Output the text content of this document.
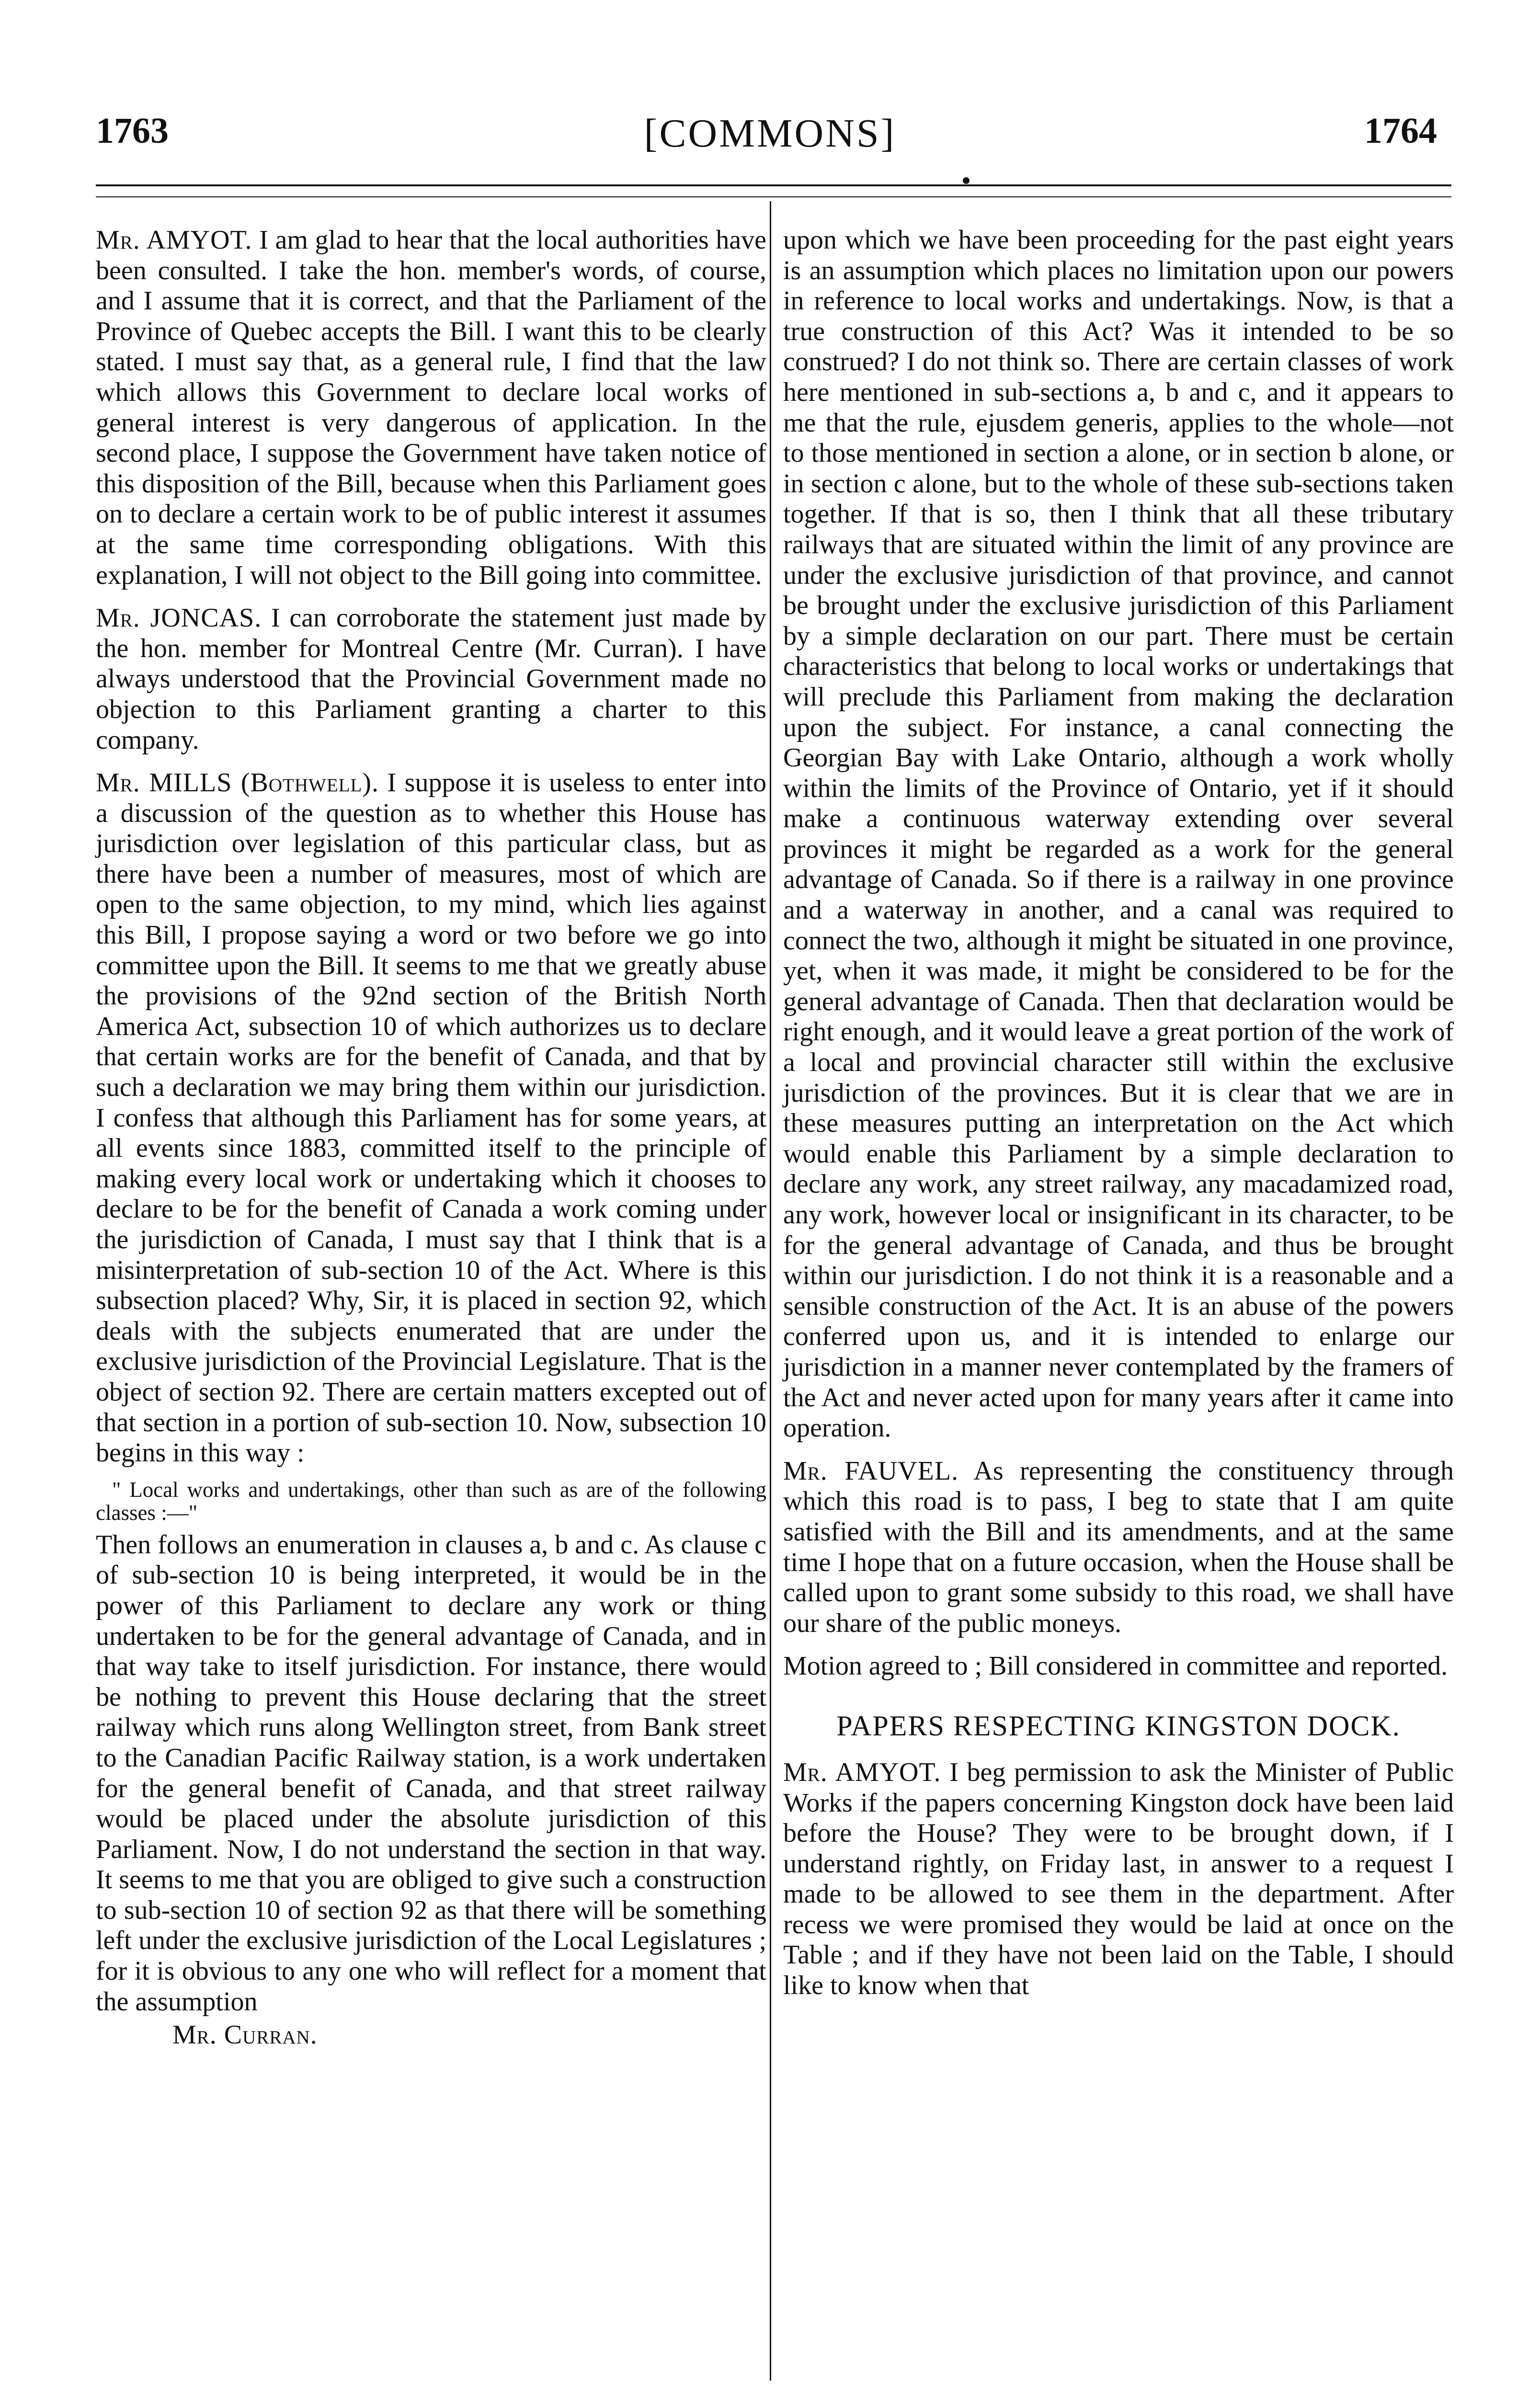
1763	[COMMONS]	1764

Mr. AMYOT. I am glad to hear that the local authorities have been consulted. I take the hon. member's words, of course, and I assume that it is correct, and that the Parliament of the Province of Quebec accepts the Bill. I want this to be clearly stated. I must say that, as a general rule, I find that the law which allows this Government to declare local works of general interest is very dangerous of application. In the second place, I suppose the Government have taken notice of this disposition of the Bill, because when this Parliament goes on to declare a certain work to be of public interest it assumes at the same time corresponding obligations. With this explanation, I will not object to the Bill going into committee.

Mr. JONCAS. I can corroborate the statement just made by the hon. member for Montreal Centre (Mr. Curran). I have always understood that the Provincial Government made no objection to this Parliament granting a charter to this company.

Mr. MILLS (Bothwell). I suppose it is useless to enter into a discussion of the question as to whether this House has jurisdiction over legislation of this particular class, but as there have been a number of measures, most of which are open to the same objection, to my mind, which lies against this Bill, I propose saying a word or two before we go into committee upon the Bill. It seems to me that we greatly abuse the provisions of the 92nd section of the British North America Act, subsection 10 of which authorizes us to declare that certain works are for the benefit of Canada, and that by such a declaration we may bring them within our jurisdiction. I confess that although this Parliament has for some years, at all events since 1883, committed itself to the principle of making every local work or undertaking which it chooses to declare to be for the benefit of Canada a work coming under the jurisdiction of Canada, I must say that I think that is a misinterpretation of sub-section 10 of the Act. Where is this subsection placed? Why, Sir, it is placed in section 92, which deals with the subjects enumerated that are under the exclusive jurisdiction of the Provincial Legislature. That is the object of section 92. There are certain matters excepted out of that section in a portion of sub-section 10. Now, subsection 10 begins in this way :

" Local works and undertakings, other than such as are of the following classes :—"

Then follows an enumeration in clauses a, b and c. As clause c of sub-section 10 is being interpreted, it would be in the power of this Parliament to declare any work or thing undertaken to be for the general advantage of Canada, and in that way take to itself jurisdiction. For instance, there would be nothing to prevent this House declaring that the street railway which runs along Wellington street, from Bank street to the Canadian Pacific Railway station, is a work undertaken for the general benefit of Canada, and that street railway would be placed under the absolute jurisdiction of this Parliament. Now, I do not understand the section in that way. It seems to me that you are obliged to give such a construction to sub-section 10 of section 92 as that there will be something left under the exclusive jurisdiction of the Local Legislatures ; for it is obvious to any one who will reflect for a moment that the assumption

Mr. Curran.

upon which we have been proceeding for the past eight years is an assumption which places no limitation upon our powers in reference to local works and undertakings. Now, is that a true construction of this Act? Was it intended to be so construed? I do not think so. There are certain classes of work here mentioned in sub-sections a, b and c, and it appears to me that the rule, ejusdem generis, applies to the whole—not to those mentioned in section a alone, or in section b alone, or in section c alone, but to the whole of these sub-sections taken together. If that is so, then I think that all these tributary railways that are situated within the limit of any province are under the exclusive jurisdiction of that province, and cannot be brought under the exclusive jurisdiction of this Parliament by a simple declaration on our part. There must be certain characteristics that belong to local works or undertakings that will preclude this Parliament from making the declaration upon the subject. For instance, a canal connecting the Georgian Bay with Lake Ontario, although a work wholly within the limits of the Province of Ontario, yet if it should make a continuous waterway extending over several provinces it might be regarded as a work for the general advantage of Canada. So if there is a railway in one province and a waterway in another, and a canal was required to connect the two, although it might be situated in one province, yet, when it was made, it might be considered to be for the general advantage of Canada. Then that declaration would be right enough, and it would leave a great portion of the work of a local and provincial character still within the exclusive jurisdiction of the provinces. But it is clear that we are in these measures putting an interpretation on the Act which would enable this Parliament by a simple declaration to declare any work, any street railway, any macadamized road, any work, however local or insignificant in its character, to be for the general advantage of Canada, and thus be brought within our jurisdiction. I do not think it is a reasonable and a sensible construction of the Act. It is an abuse of the powers conferred upon us, and it is intended to enlarge our jurisdiction in a manner never contemplated by the framers of the Act and never acted upon for many years after it came into operation.

Mr. FAUVEL. As representing the constituency through which this road is to pass, I beg to state that I am quite satisfied with the Bill and its amendments, and at the same time I hope that on a future occasion, when the House shall be called upon to grant some subsidy to this road, we shall have our share of the public moneys.

Motion agreed to ; Bill considered in committee and reported.

PAPERS RESPECTING KINGSTON DOCK.

Mr. AMYOT. I beg permission to ask the Minister of Public Works if the papers concerning Kingston dock have been laid before the House? They were to be brought down, if I understand rightly, on Friday last, in answer to a request I made to be allowed to see them in the department. After recess we were promised they would be laid at once on the Table ; and if they have not been laid on the Table, I should like to know when that
